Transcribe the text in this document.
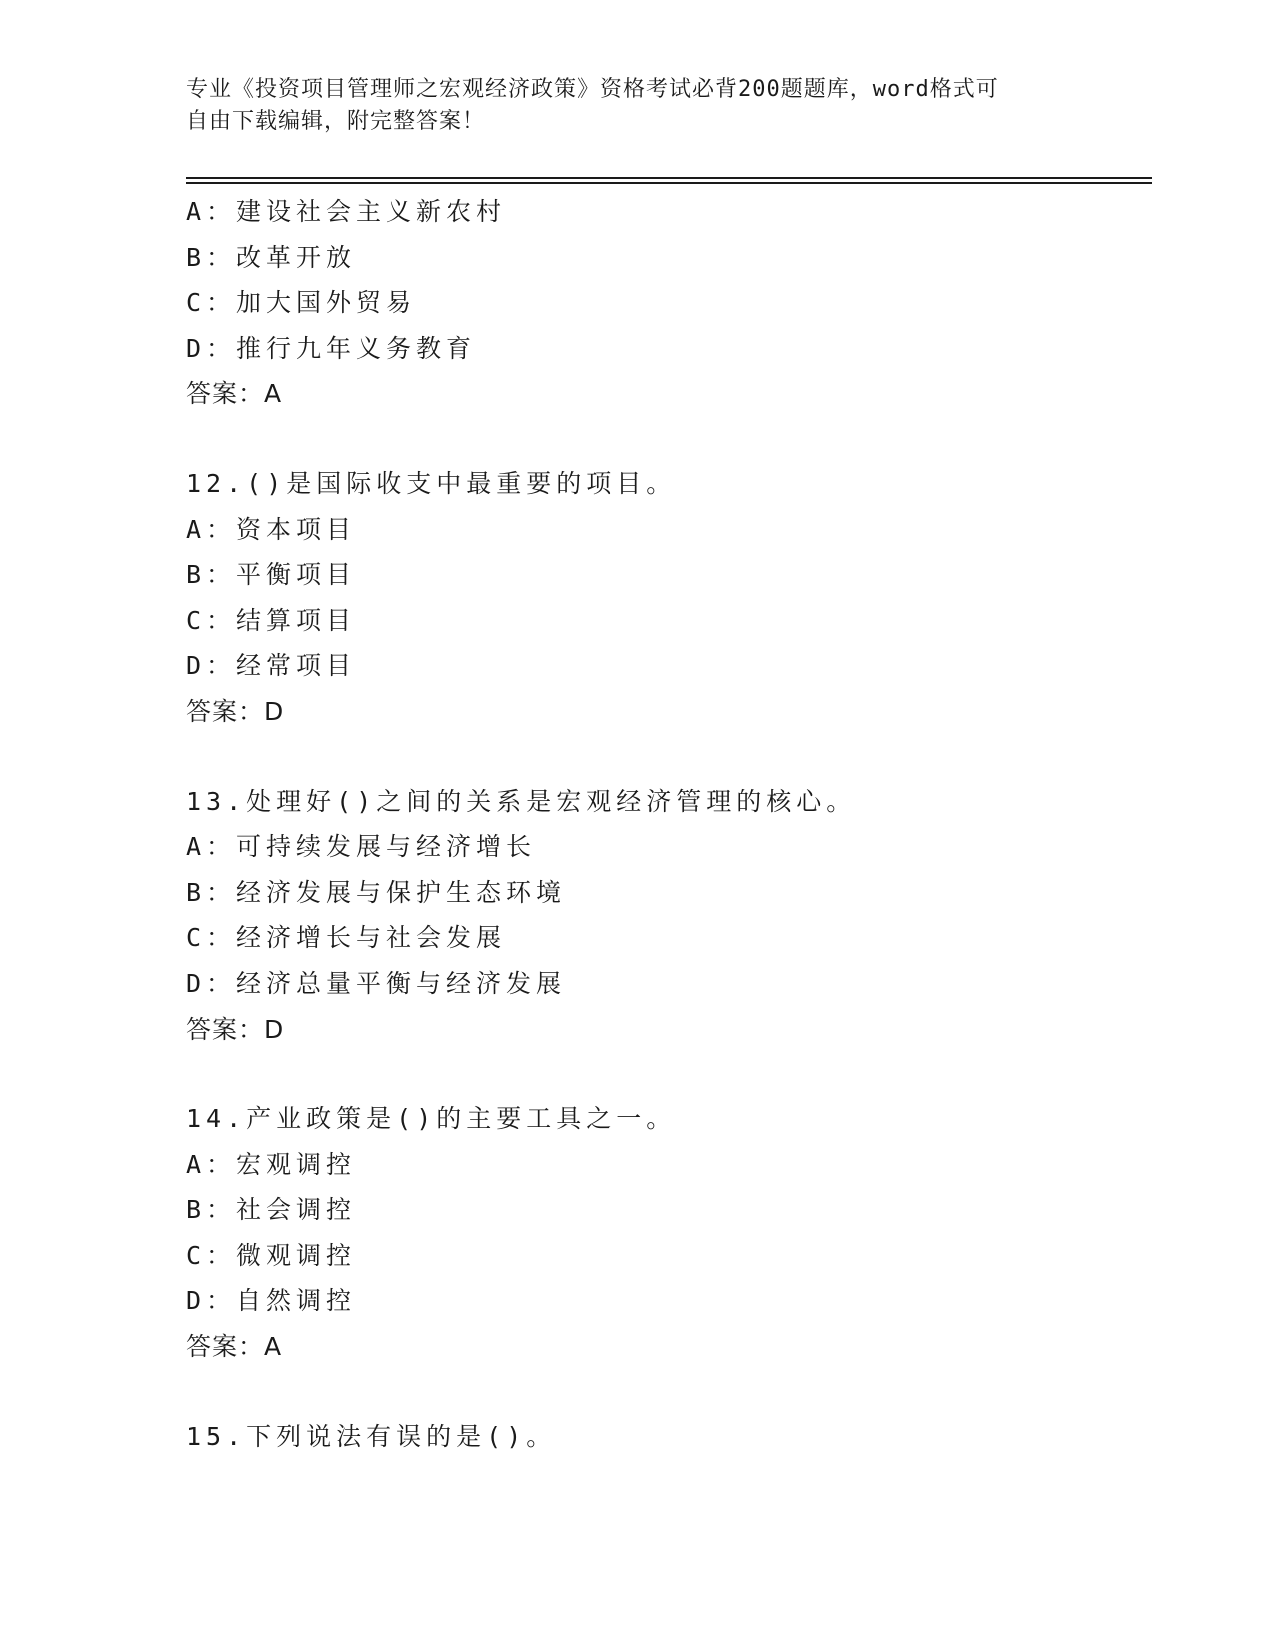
专业《投资项目管理师之宏观经济政策》资格考试必背200题题库，word格式可
自由下载编辑，附完整答案！
A：建设社会主义新农村
B：改革开放
C：加大国外贸易
D：推行九年义务教育
答案：A
12.()是国际收支中最重要的项目。
A：资本项目
B：平衡项目
C：结算项目
D：经常项目
答案：D
13.处理好()之间的关系是宏观经济管理的核心。
A：可持续发展与经济增长
B：经济发展与保护生态环境
C：经济增长与社会发展
D：经济总量平衡与经济发展
答案：D
14.产业政策是()的主要工具之一。
A：宏观调控
B：社会调控
C：微观调控
D：自然调控
答案：A
15.下列说法有误的是()。
